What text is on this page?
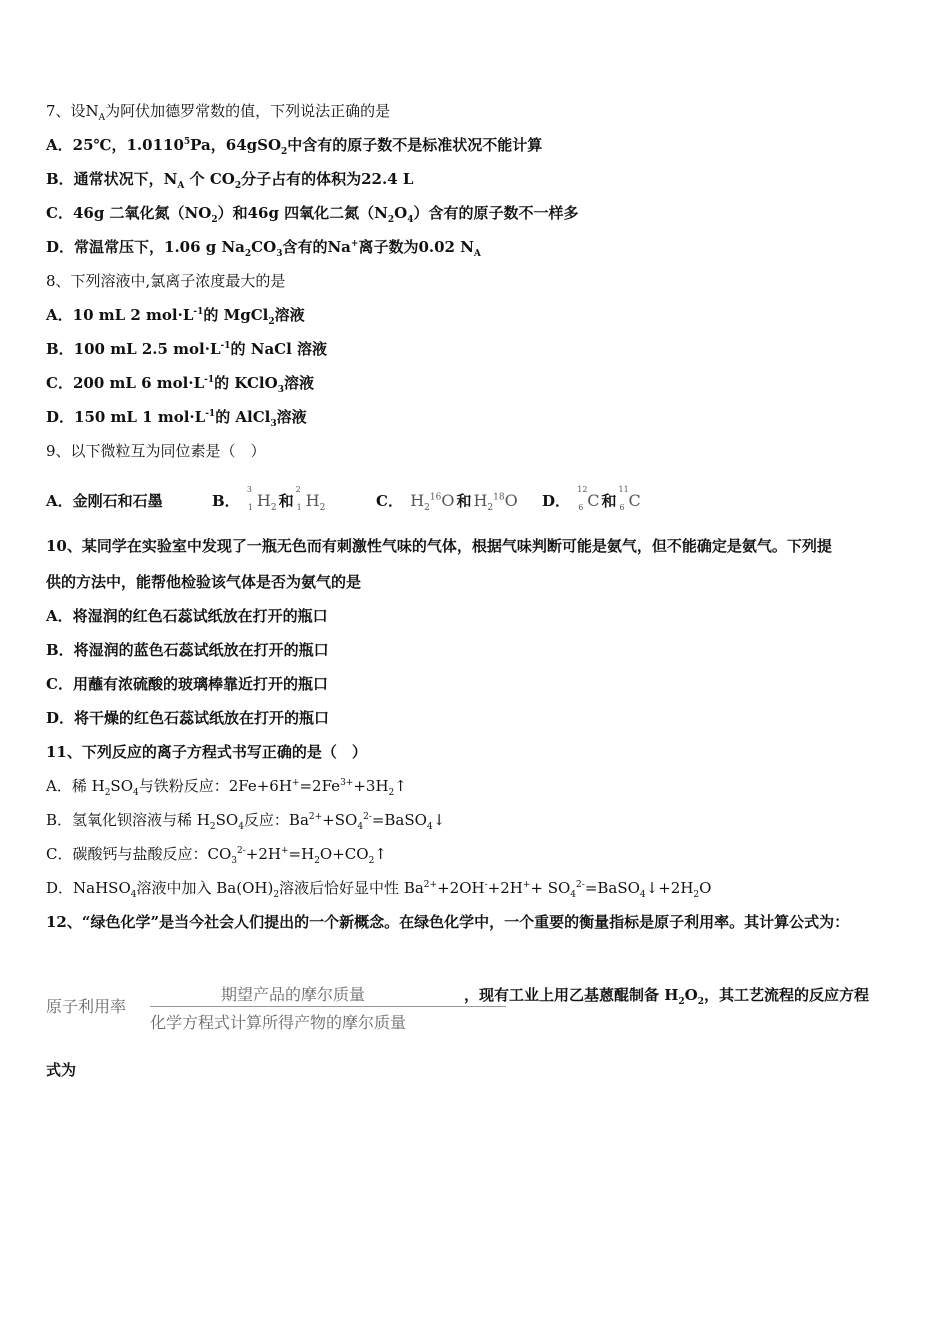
7、设$N_A$为阿伏加德罗常数的值，下列说法正确的是
A．25℃，1.0110$^5$Pa，64gSO$_2$中含有的原子数不是标准状况不能计算
B．通常状况下，$N_A$ 个 $CO_2$分子占有的体积为22.4 L
C．46g 二氧化氮$(NO_2)$和46g 四氧化二氮$(N_2O_4)$含有的原子数不一样多
D．常温常压下，1.06 g $Na_2CO_3$含有的Na+离子数为0.02 $N_A$
8、下列溶液中,氯离子浓度最大的是
A．10 mL 2 $mol\cdot L^{-1}$的 MgCl$_2$溶液
B．100 mL 2.5 $mol\cdot L^{-1}$的 NaCl 溶液
C．200 mL 6 $mol\cdot L^{-1}$的 KClO$_3$溶液
D．150 mL 1 $mol\cdot L^{-1}$的 AlCl$_3$溶液
9、以下微粒互为同位素是（　）
A．金刚石和石墨	B．
3
1 $H_2$ 和
2
1 $H_2$	C． $H_2^{16}O$ 和 $H_2^{18}O$ D．
12
6 C 和
11
6 C
10、某同学在实验室中发现了一瓶无色而有刺激性气味的气体，根据气味判断可能是氨气，但不能确定是氨气。下列提
供的方法中，能帮他检验该气体是否为氨气的是
A．将湿润的红色石蕊试纸放在打开的瓶口
B．将湿润的蓝色石蕊试纸放在打开的瓶口
C．用蘸有浓硫酸的玻璃棒靠近打开的瓶口
D．将干燥的红色石蕊试纸放在打开的瓶口
11、下列反应的离子方程式书写正确的是（　）
A．稀 $H_2SO_4$与铁粉反应：$2Fe+6H^+=2Fe^{3+}+3H_2↑$
B．氢氧化钡溶液与稀 $H_2SO_4$反应：$Ba^{2+}+SO_4^{2-}=BaSO_4↓$
C．碳酸钙与盐酸反应：$CO_3^{2-}+2H^+=H_2O+CO_2↑$
D．NaHSO$_4$溶液中加入 $Ba(OH)_2$溶液后恰好显中性 $Ba^{2+}+2OH^-+2H^++$ $SO_4^{2-}=BaSO_4↓+2H_2O$
12、“绿色化学”是当今社会人们提出的一个新概念。在绿色化学中，一个重要的衡量指标是原子利用率。其计算公式为：
原子利用率
期望产品的摩尔质量
化学方程式计算所得产物的摩尔质量
，现有工业上用乙基蒽醌制备 $H_2O_2$，其工艺流程的反应方程
式为
